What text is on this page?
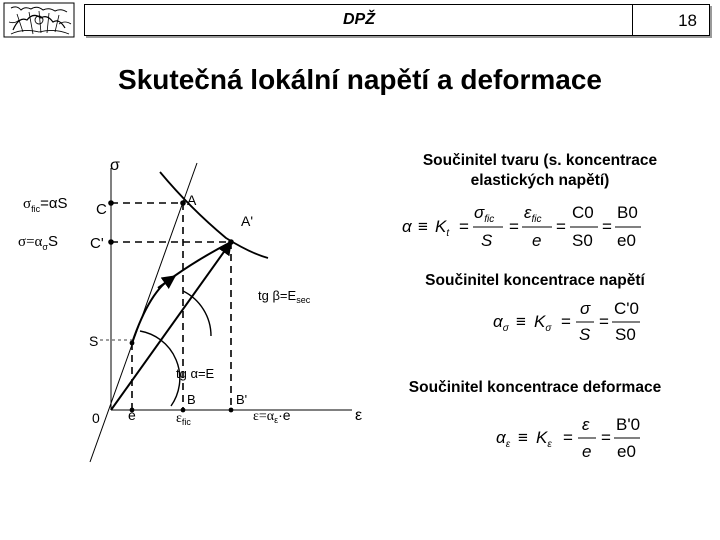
DPŽ	18
Skutečná lokální napětí a deformace
Součinitel tvaru (s. koncentrace
elastických napětí)
Součinitel koncentrace napětí
Součinitel koncentrace deformace
σ
$\sigma_{fic}=\alpha S$ C
$\sigma=\alpha_\sigma S$ C'
A
A'
tg $\beta=E_{sec}$
S
tg α=E
B	B'
0 e	$\varepsilon_{fic}$	$\varepsilon=\alpha_\varepsilon\cdot e$	ε
$\alpha \equiv K_t$ =
$\sigma_{fic}$
S
=
$\varepsilon_{fic}$
e
=
C0
S0
=
B0
e0
$\alpha_\sigma \equiv K_\sigma$ =
σ
S
=
C'0
S0
$\alpha_\varepsilon \equiv K_\varepsilon$ =
ε
e
=
B'0
e0
